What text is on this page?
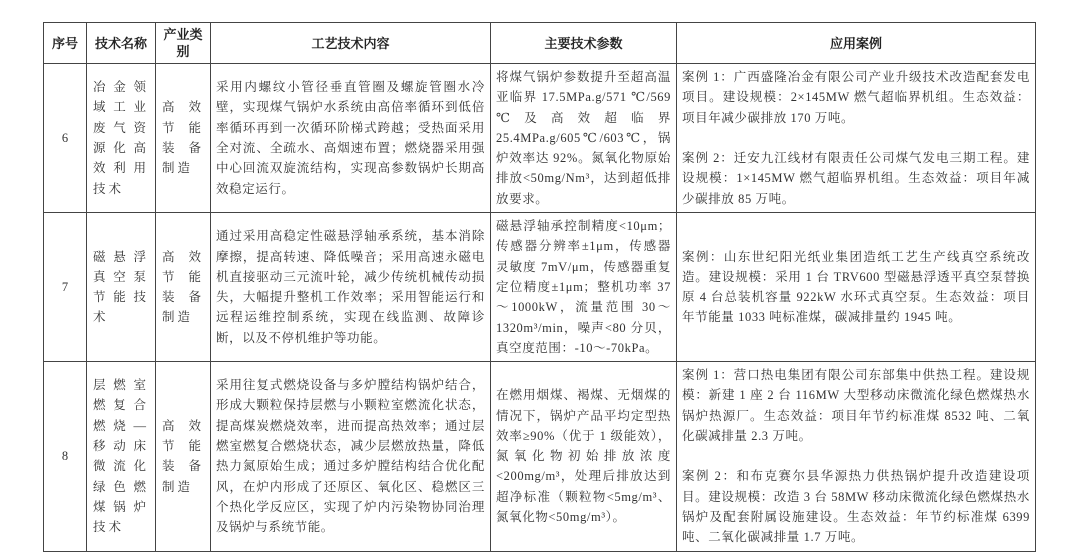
序号	技术名称	产业类别	工艺技术内容	主要技术参数	应用案例
6	冶金领域工业废气资源化高效利用技术	高效节能装备制造	采用内螺纹小管径垂直管圈及螺旋管圈水冷壁，实现煤气锅炉水系统由高倍率循环到低倍率循环再到一次循环阶梯式跨越；受热面采用全对流、全疏水、高烟速布置；燃烧器采用强中心回流双旋流结构，实现高参数锅炉长期高效稳定运行。	将煤气锅炉参数提升至超高温亚临界 17.5MPa.g/571 ℃/569 ℃ 及 高 效 超 临 界 25.4MPa.g/605℃/603℃，锅炉效率达 92%。氮氧化物原始排放<50mg/Nm³，达到超低排放要求。	案例 1：广西盛隆冶金有限公司产业升级技术改造配套发电项目。建设规模：2×145MW 燃气超临界机组。生态效益：项目年减少碳排放 170 万吨。

案例 2：迁安九江线材有限责任公司煤气发电三期工程。建设规模：1×145MW 燃气超临界机组。生态效益：项目年减少碳排放 85 万吨。

7	磁悬浮真空泵节能技术	高效节能装备制造	通过采用高稳定性磁悬浮轴承系统，基本消除摩擦，提高转速、降低噪音；采用高速永磁电机直接驱动三元流叶轮，减少传统机械传动损失，大幅提升整机工作效率；采用智能运行和远程运维控制系统，实现在线监测、故障诊断，以及不停机维护等功能。	磁悬浮轴承控制精度<10μm；传感器分辨率±1μm，传感器灵敏度 7mV/μm，传感器重复定位精度±1μm；整机功率 37～1000kW，流量范围 30～1320m³/min，噪声<80 分贝，真空度范围：-10～-70kPa。	案例：山东世纪阳光纸业集团造纸工艺生产线真空系统改造。建设规模：采用 1 台 TRV600 型磁悬浮透平真空泵替换原 4 台总装机容量 922kW 水环式真空泵。生态效益：项目年节能量 1033 吨标准煤，碳减排量约 1945 吨。

8	层燃室燃复合燃烧—移动床微流化绿色燃煤锅炉技术	高效节能装备制造	采用往复式燃烧设备与多炉膛结构锅炉结合，形成大颗粒保持层燃与小颗粒室燃流化状态，提高煤炭燃烧效率，进而提高热效率；通过层燃室燃复合燃烧状态，减少层燃放热量，降低热力氮原始生成；通过多炉膛结构结合优化配风，在炉内形成了还原区、氧化区、稳燃区三个热化学反应区，实现了炉内污染物协同治理及锅炉与系统节能。	在燃用烟煤、褐煤、无烟煤的情况下，锅炉产品平均定型热效率≥90%（优于 1 级能效），氮氧化物初始排放浓度<200mg/m³，处理后排放达到超净标准（颗粒物<5mg/m³、氮氧化物<50mg/m³）。	案例 1：营口热电集团有限公司东部集中供热工程。建设规模：新建 1 座 2 台 116MW 大型移动床微流化绿色燃煤热水锅炉热源厂。生态效益：项目年节约标准煤 8532 吨、二氧化碳减排量 2.3 万吨。

案例 2：和布克赛尔县华源热力供热锅炉提升改造建设项目。建设规模：改造 3 台 58MW 移动床微流化绿色燃煤热水锅炉及配套附属设施建设。生态效益：年节约标准煤 6399 吨、二氧化碳减排量 1.7 万吨。
